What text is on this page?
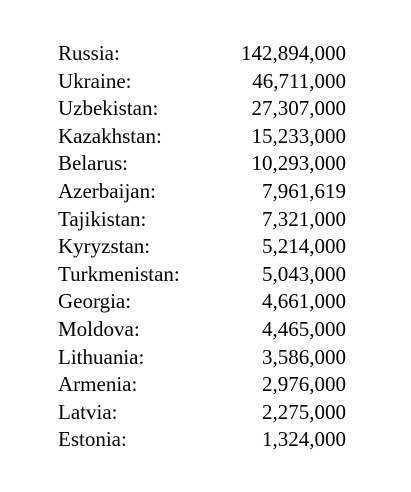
Russia:	142,894,000
Ukraine:	46,711,000
Uzbekistan:	27,307,000
Kazakhstan:	15,233,000
Belarus:	10,293,000
Azerbaijan:	7,961,619
Tajikistan:	7,321,000
Kyryzstan:	5,214,000
Turkmenistan:	5,043,000
Georgia:	4,661,000
Moldova:	4,465,000
Lithuania:	3,586,000
Armenia:	2,976,000
Latvia:	2,275,000
Estonia:	1,324,000
